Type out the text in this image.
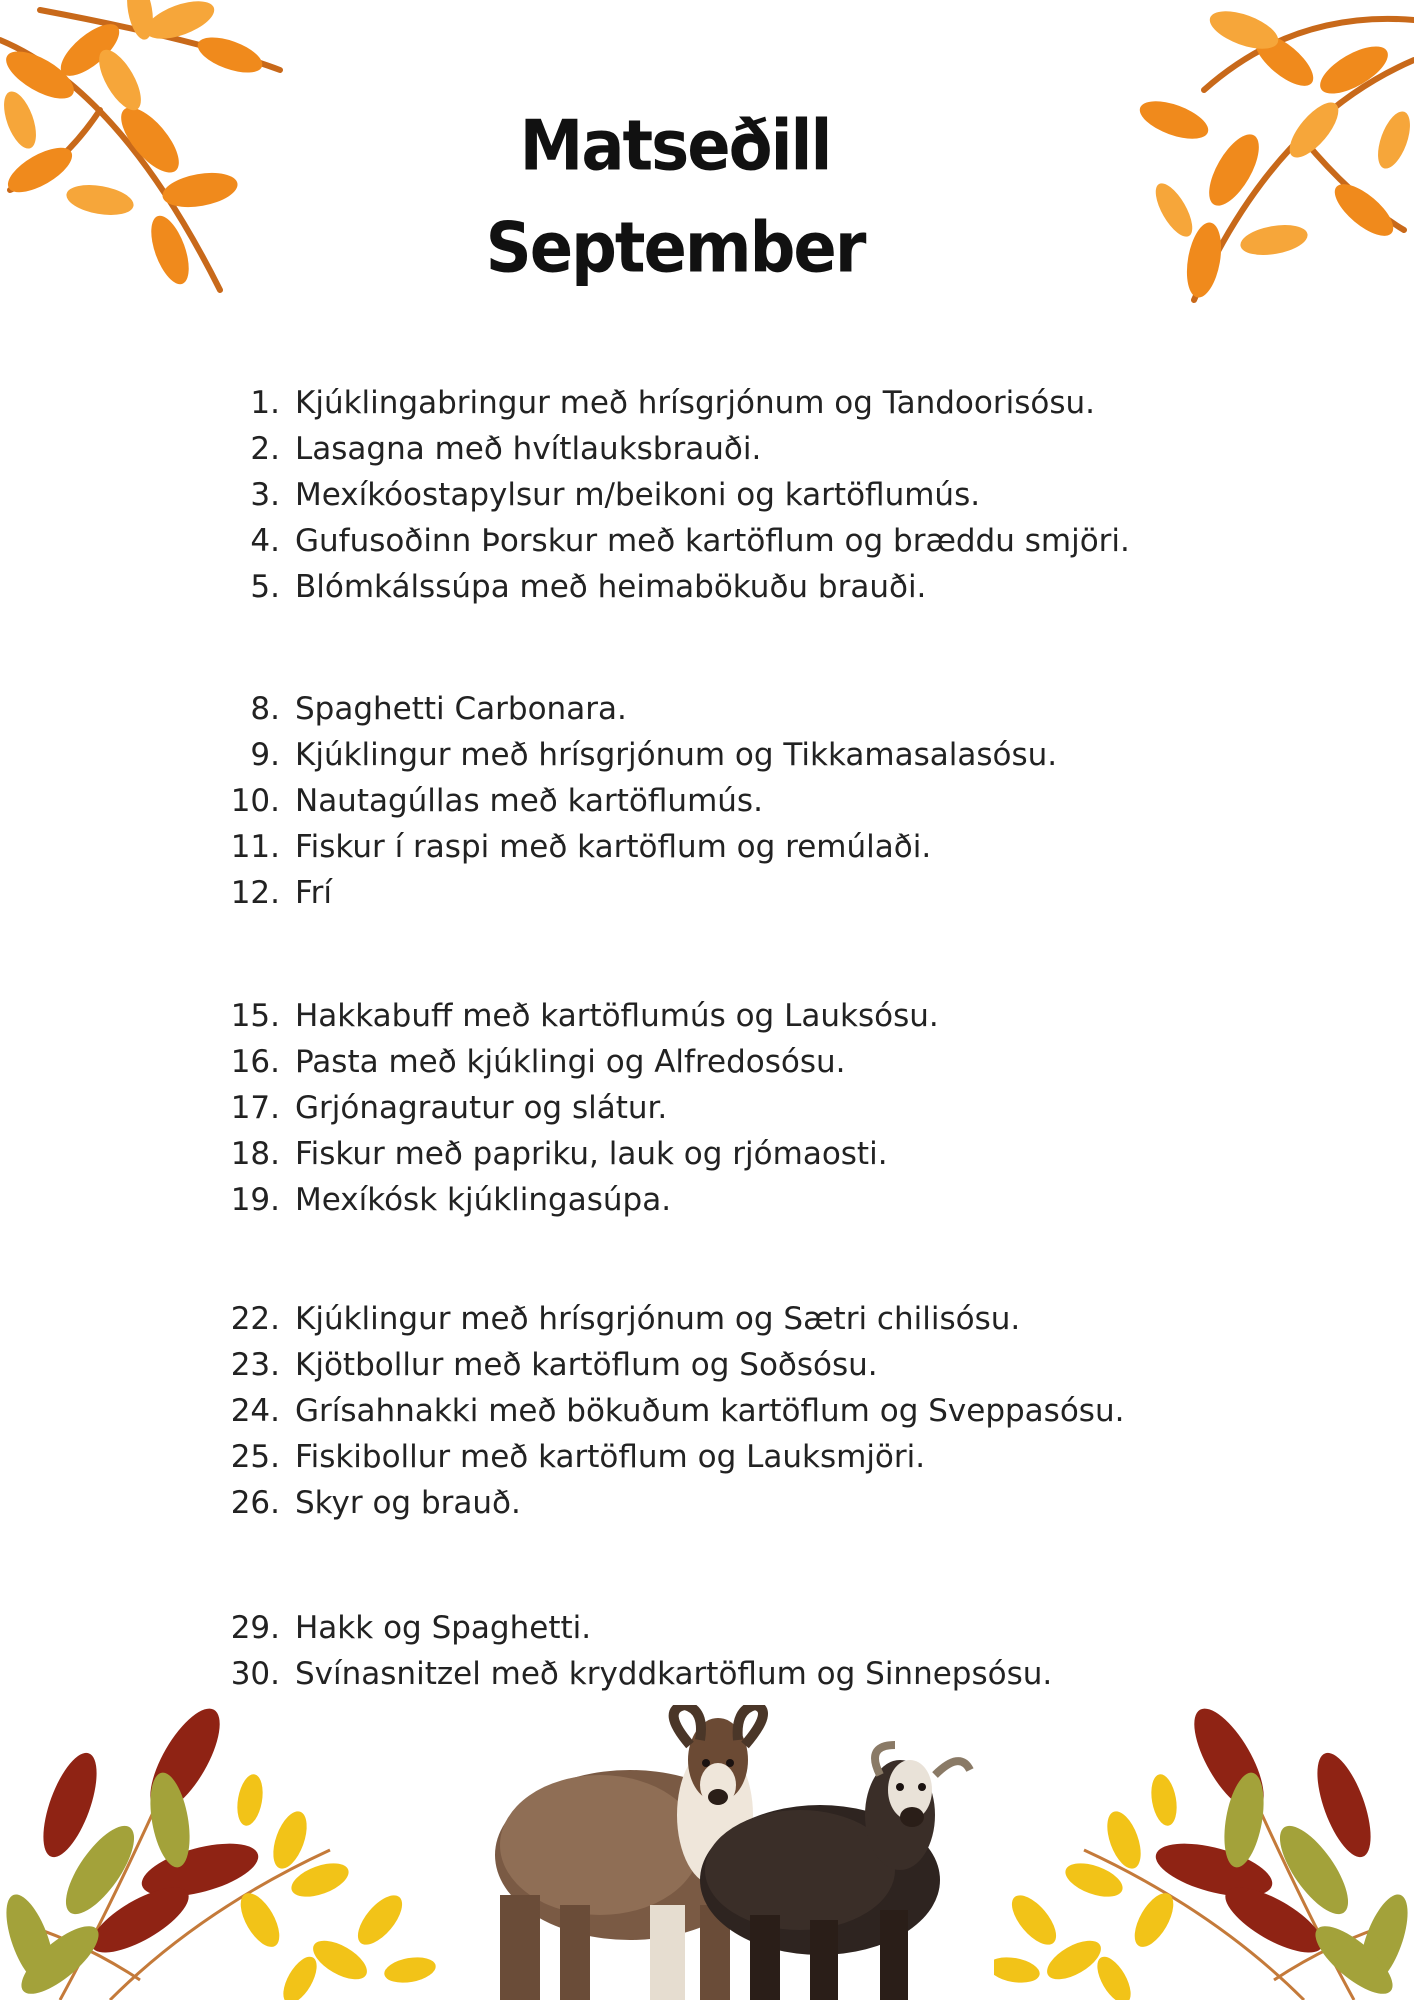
Matseðill
September
1. Kjúklingabringur með hrísgrjónum og Tandoorisósu.
2. Lasagna með hvítlauksbrauði.
3. Mexíkóostapylsur m/beikoni og kartöflumús.
4. Gufusoðinn Þorskur með kartöflum og bræddu smjöri.
5. Blómkálssúpa með heimabökuðu brauði.
8. Spaghetti Carbonara.
9. Kjúklingur með hrísgrjónum og Tikkamasalasósu.
10. Nautagúllas með kartöflumús.
11. Fiskur í raspi með kartöflum og remúlaði.
12. Frí
15. Hakkabuff með kartöflumús og Lauksósu.
16. Pasta með kjúklingi og Alfredosósu.
17. Grjónagrautur og slátur.
18. Fiskur með papriku, lauk og rjómaosti.
19. Mexíkósk kjúklingasúpa.
22. Kjúklingur með hrísgrjónum og Sætri chilisósu.
23. Kjötbollur með kartöflum og Soðsósu.
24. Grísahnakki með bökuðum kartöflum og Sveppasósu.
25. Fiskibollur með kartöflum og Lauksmjöri.
26. Skyr og brauð.
29. Hakk og Spaghetti.
30. Svínasnitzel með kryddkartöflum og Sinnepsósu.
